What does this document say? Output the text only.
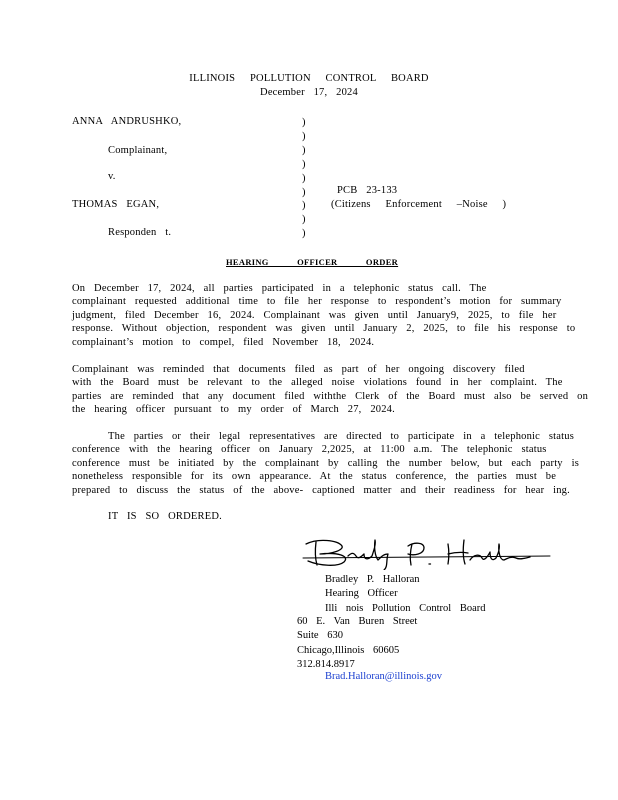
ILLINOIS POLLUTION CONTROL BOARD
December 17, 2024
ANNA ANDRUSHKO,
Complainant,
v.
THOMAS EGAN,
Responden t.
)
)
)
)
)
)
)
)
)
PCB 23-133
(Citizens Enforcement –Noise )
HEARING OFFICER ORDER
On December 17, 2024, all parties participated in a telephonic status call. The
complainant requested additional time to file her response to respondent’s motion for summary
judgment, filed December 16, 2024. Complainant was given until January9, 2025, to file her
response. Without objection, respondent was given until January 2, 2025, to file his response to
complainant’s motion to compel, filed November 18, 2024.
Complainant was reminded that documents filed as part of her ongoing discovery filed
with the Board must be relevant to the alleged noise violations found in her complaint. The
parties are reminded that any document filed withthe Clerk of the Board must also be served on
the hearing officer pursuant to my order of March 27, 2024.
The parties or their legal representatives are directed to participate in a telephonic status
conference with the hearing officer on January 2,2025, at 11:00 a.m. The telephonic status
conference must be initiated by the complainant by calling the number below, but each party is
nonetheless responsible for its own appearance. At the status conference, the parties must be
prepared to discuss the status of the above- captioned matter and their readiness for hear ing.
IT IS SO ORDERED.
Bradley P. Halloran
Hearing Officer
Illi nois Pollution Control Board
60 E. Van Buren Street
Suite 630
Chicago,Illinois 60605
312.814.8917
Brad.Halloran@illinois.gov
